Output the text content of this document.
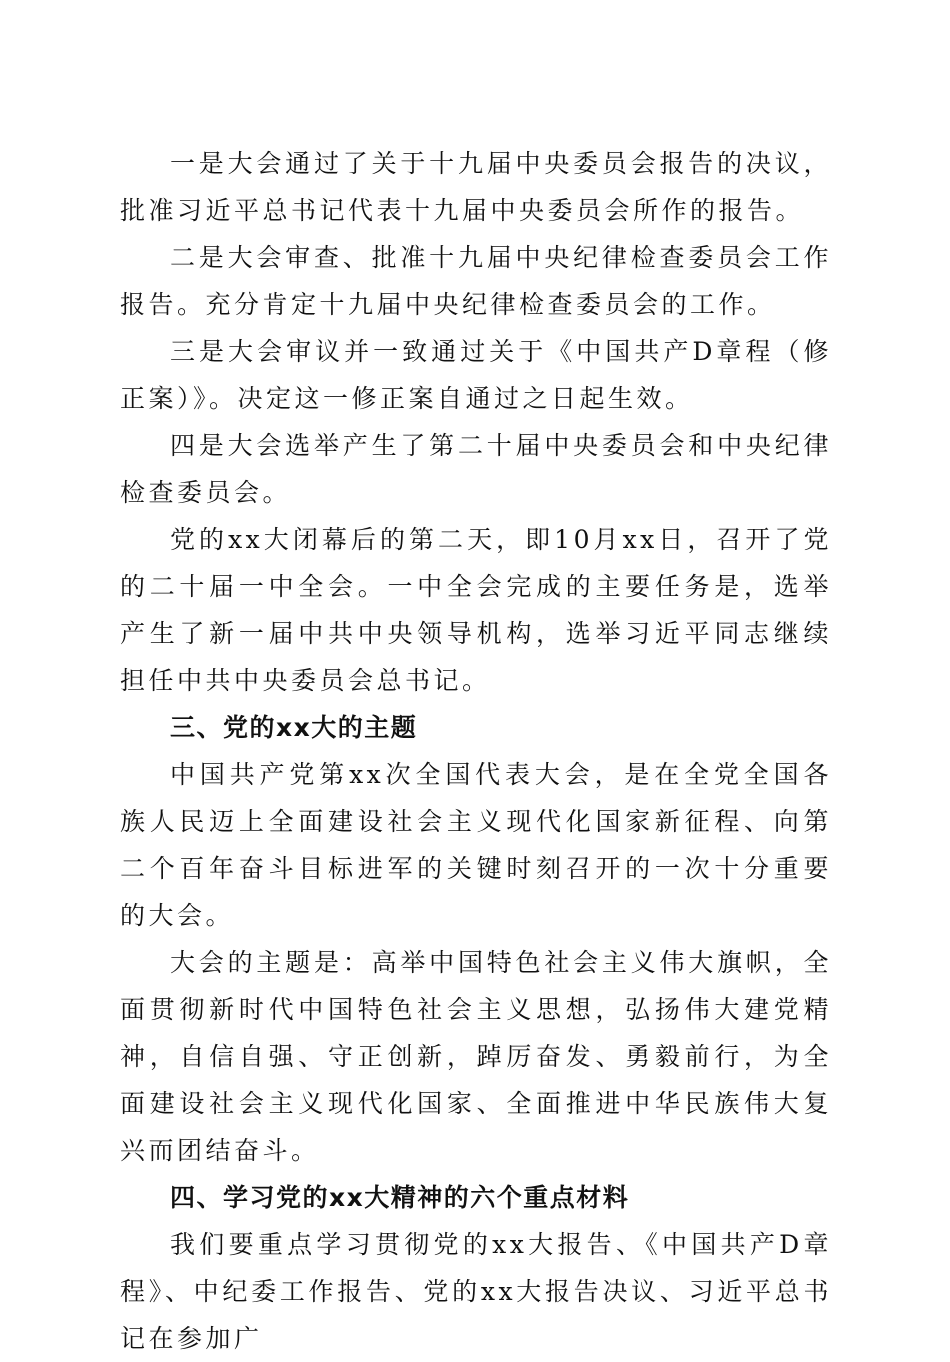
一是大会通过了关于十九届中央委员会报告的决议，批准习近平总书记代表十九届中央委员会所作的报告。

二是大会审查、批准十九届中央纪律检查委员会工作报告。充分肯定十九届中央纪律检查委员会的工作。

三是大会审议并一致通过关于《中国共产D章程（修正案）》。决定这一修正案自通过之日起生效。

四是大会选举产生了第二十届中央委员会和中央纪律检查委员会。

党的xx大闭幕后的第二天，即10月xx日，召开了党的二十届一中全会。一中全会完成的主要任务是，选举产生了新一届中共中央领导机构，选举习近平同志继续担任中共中央委员会总书记。

三、党的xx大的主题

中国共产党第xx次全国代表大会，是在全党全国各族人民迈上全面建设社会主义现代化国家新征程、向第二个百年奋斗目标进军的关键时刻召开的一次十分重要的大会。

大会的主题是：高举中国特色社会主义伟大旗帜，全面贯彻新时代中国特色社会主义思想，弘扬伟大建党精神，自信自强、守正创新，踔厉奋发、勇毅前行，为全面建设社会主义现代化国家、全面推进中华民族伟大复兴而团结奋斗。

四、学习党的xx大精神的六个重点材料

我们要重点学习贯彻党的xx大报告、《中国共产D章程》、中纪委工作报告、党的xx大报告决议、习近平总书记在参加广
